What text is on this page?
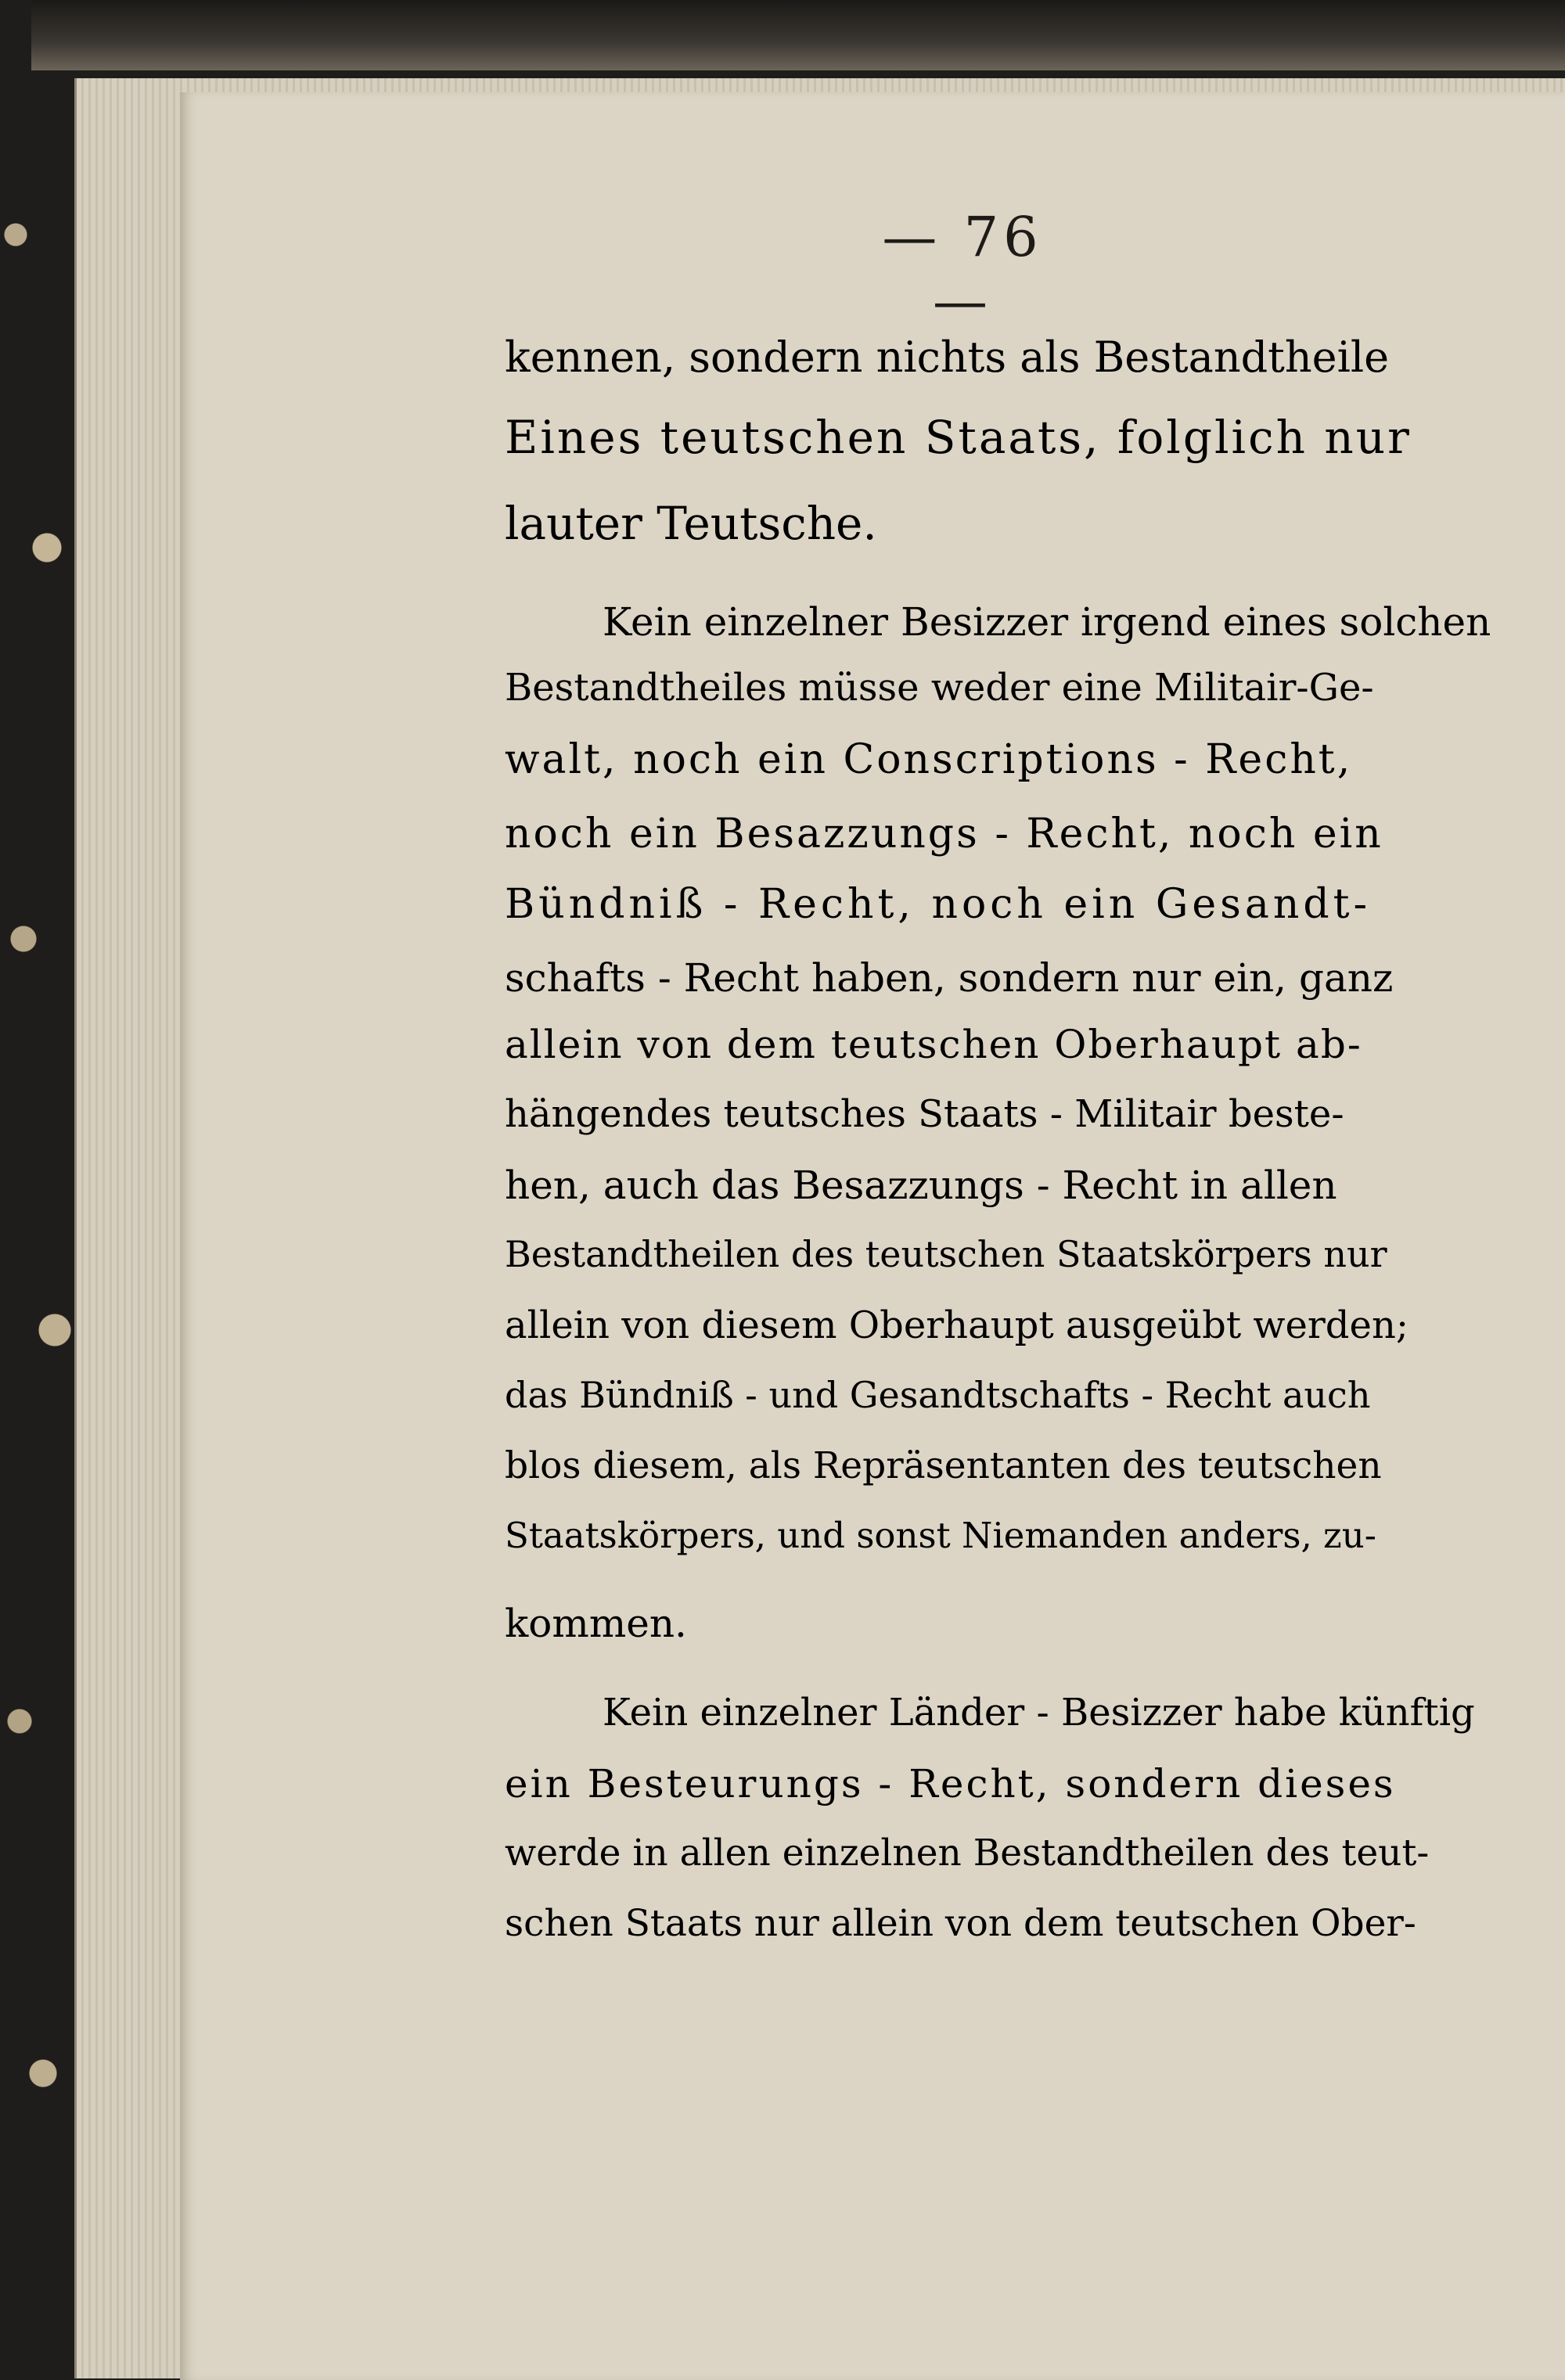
— 76 —
kennen, sondern nichts als Bestandtheile
Eines teutschen Staats, folglich nur
lauter Teutsche.
Kein einzelner Besizzer irgend eines solchen
Bestandtheiles müsse weder eine Militair-Ge-
walt, noch ein Conscriptions - Recht,
noch ein Besazzungs - Recht, noch ein
Bündniß - Recht, noch ein Gesandt-
schafts - Recht haben, sondern nur ein, ganz
allein von dem teutschen Oberhaupt ab-
hängendes teutsches Staats - Militair beste-
hen, auch das Besazzungs - Recht in allen
Bestandtheilen des teutschen Staatskörpers nur
allein von diesem Oberhaupt ausgeübt werden;
das Bündniß - und Gesandtschafts - Recht auch
blos diesem, als Repräsentanten des teutschen
Staatskörpers, und sonst Niemanden anders, zu-
kommen.
Kein einzelner Länder - Besizzer habe künftig
ein Besteurungs - Recht, sondern dieses
werde in allen einzelnen Bestandtheilen des teut-
schen Staats nur allein von dem teutschen Ober-
